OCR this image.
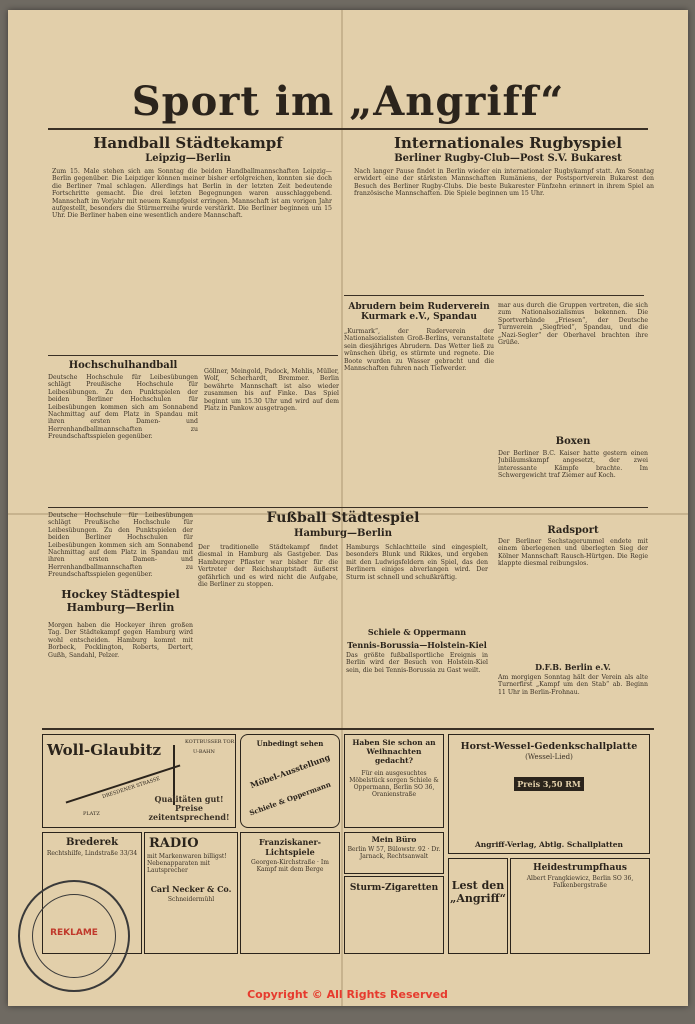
Sport im „Angriff“
Handball Städtekampf
Leipzig—Berlin
Zum 15. Male stehen sich am Sonntag die beiden Handballmannschaften Leipzig—Berlin gegenüber. Die Leipziger können meiner bisher erfolgreichen, konnten sie doch die Berliner 7mal schlagen. Allerdings hat Berlin in der letzten Zeit bedeutende Fortschritte gemacht. Die drei letzten Begegnungen waren ausschlaggebend. Mannschaft im Vorjahr mit neuem Kampfgeist erringen. Mannschaft ist am vorigen Jahr aufgestellt, besonders die Stürmerreihe wurde verstärkt. Die Berliner beginnen um 15 Uhr. Die Berliner haben eine wesentlich andere Mannschaft.
Internationales Rugbyspiel
Berliner Rugby-Club—Post S.V. Bukarest
Nach langer Pause findet in Berlin wieder ein internationaler Rugbykampf statt. Am Sonntag erwidert eine der stärksten Mannschaften Rumäniens, der Postsportverein Bukarest den Besuch des Berliner Rugby-Clubs. Die beste Bukarester Fünfzehn erinnert in ihrem Spiel an französische Mannschaften. Die Spiele beginnen um 15 Uhr.
Hochschulhandball
Deutsche Hochschule für Leibesübungen schlägt Preußische Hochschule für Leibesübungen. Zu den Punktspielen der beiden Berliner Hochschulen für Leibesübungen kommen sich am Sonnabend Nachmittag auf dem Platz in Spandau mit ihren ersten Damen- und Herrenhandballmannschaften zu Freundschaftsspielen gegenüber.
Göllner, Meingold, Padock, Mehlis, Müller, Wolf, Scherhardt, Bremmer. Berlin bewährte Mannschaft ist also wieder zusammen bis auf Finke. Das Spiel beginnt um 15.30 Uhr und wird auf dem Platz in Pankow ausgetragen.
Abrudern beim Ruderverein Kurmark e.V., Spandau
„Kurmark“, der Ruderverein der Nationalsozialisten Groß-Berlins, veranstaltete sein diesjähriges Abrudern. Das Wetter ließ zu wünschen übrig, es stürmte und regnete. Die Boote wurden zu Wasser gebracht und die Mannschaften fuhren nach Tiefwerder.
mar aus durch die Gruppen vertreten, die sich zum Nationalsozialismus bekennen. Die Sportverbände „Friesen“, der Deutsche Turnverein „Siegfried“, Spandau, und die „Nazi-Segler“ der Oberhavel brachten ihre Grüße.
Boxen
Der Berliner B.C. Kaiser hatte gestern einen Jubiläumskampf angesetzt, der zwei interessante Kämpfe brachte. Im Schwergewicht traf Ziemer auf Koch.
Fußball Städtespiel
Hamburg—Berlin
Der traditionelle Städtekampf findet diesmal in Hamburg als Gastgeber. Das Hamburger Pflaster war bisher für die Vertreter der Reichshauptstadt äußerst gefährlich und es wird nicht die Aufgabe, die Berliner zu stoppen.
Hamburgs Schlachtteile sind eingespielt, besonders Blunk und Rikkes, und ergeben mit den Ludwigsfeldern ein Spiel, das den Berlinern einiges abverlangen wird. Der Sturm ist schnell und schußkräftig.
Tennis-Borussia—Holstein-Kiel
Schiele & Oppermann
Das größte fußballsportliche Ereignis in Berlin wird der Besuch von Holstein-Kiel sein, die bei Tennis-Borussia zu Gast weilt.
Deutsche Hochschule für Leibesübungen schlägt Preußische Hochschule für Leibesübungen. Zu den Punktspielen der beiden Berliner Hochschulen für Leibesübungen kommen sich am Sonnabend Nachmittag auf dem Platz in Spandau mit ihren ersten Damen- und Herrenhandballmannschaften zu Freundschaftsspielen gegenüber.
Hockey Städtespiel Hamburg—Berlin
Morgen haben die Hockeyer ihren großen Tag. Der Städtekampf gegen Hamburg wird wohl entscheiden. Hamburg kommt mit Borbeck, Pocklington, Roberts, Dertert, Gußh, Sandahl, Pelzer.
Radsport
Der Berliner Sechstagerummel endete mit einem überlegenen und überlegten Sieg der Kölner Mannschaft Rausch-Hürtgen. Die Regie klappte diesmal reibungslos.
D.F.B. Berlin e.V.
Am morgigen Sonntag hält der Verein als alte Turnerfirst „Kampf um den Stab“ ab. Beginn 11 Uhr in Berlin-Frohnau.
Woll-Glaubitz
DRESDENER STRASSE
KOTTBUSSER TOR
U-BAHN
PLATZ
Qualitäten gut! Preise zeitentsprechend!
Unbedingt sehen
Möbel-Ausstellung
Schiele & Oppermann
Haben Sie schon an Weihnachten gedacht?
Für ein ausgesuchtes Möbelstück sorgen Schiele & Oppermann, Berlin SO 36, Oranienstraße
Horst-Wessel-Gedenkschallplatte
(Wessel-Lied)
Preis 3,50 RM
Angriff-Verlag, Abtlg. Schallplatten
Brederek
Rechtshilfe, Lindstraße 33/34
RADIO
mit Markenwaren billigst! Nebenapparaten mit Lautsprecher
Carl Necker & Co.
Schneidermühl
Franziskaner-Lichtspiele
Georgen-Kirchstraße · Im Kampf mit dem Berge
Mein Büro
Berlin W 57, Bülowstr. 92 · Dr. Jarnack, Rechtsanwalt
Sturm-Zigaretten	Lest den „Angriff“
Heidestrumpfhaus
Albert Frangkiewicz, Berlin SO 36, Falkenbergstraße
REKLAME
Copyright © All Rights Reserved
